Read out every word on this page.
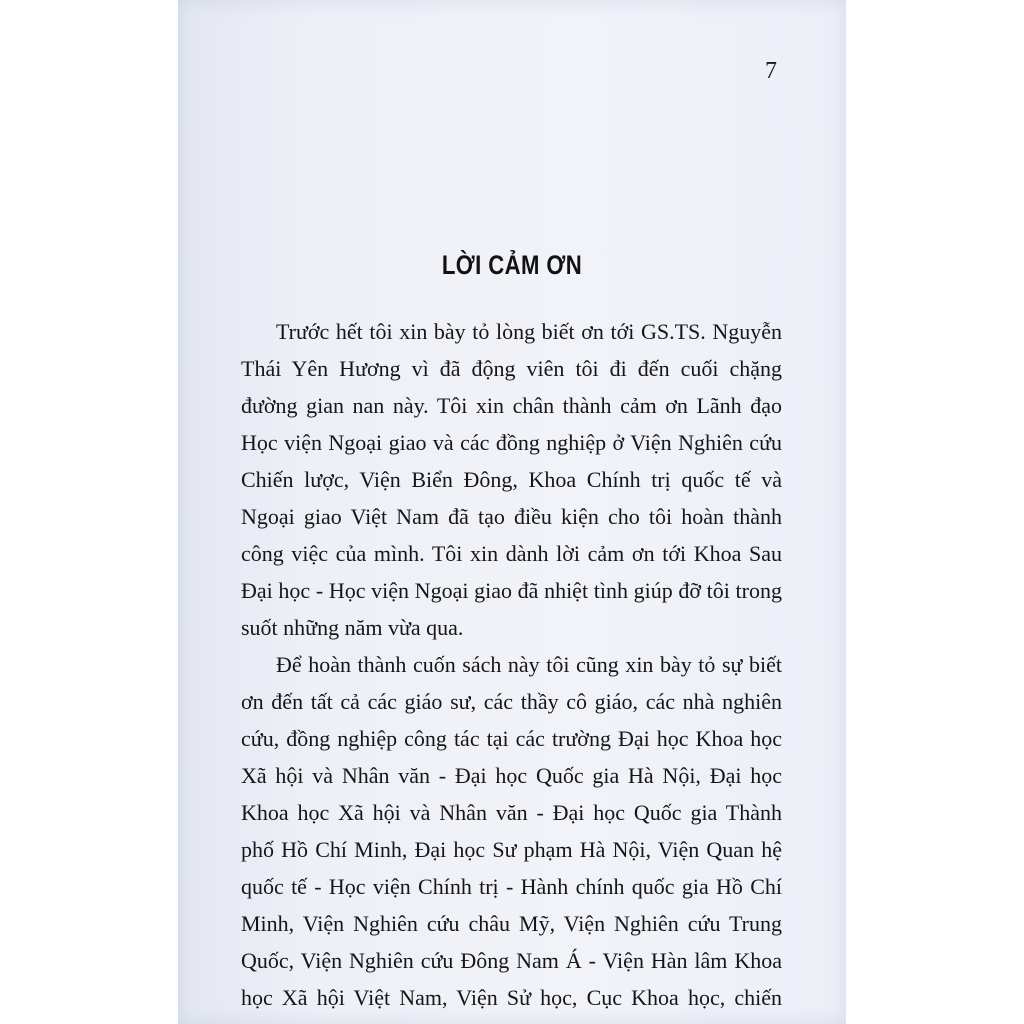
7
LỜI CẢM ƠN
Trước hết tôi xin bày tỏ lòng biết ơn tới GS.TS. Nguyễn
Thái Yên Hương vì đã động viên tôi đi đến cuối chặng
đường gian nan này. Tôi xin chân thành cảm ơn Lãnh đạo
Học viện Ngoại giao và các đồng nghiệp ở Viện Nghiên cứu
Chiến lược, Viện Biển Đông, Khoa Chính trị quốc tế và
Ngoại giao Việt Nam đã tạo điều kiện cho tôi hoàn thành
công việc của mình. Tôi xin dành lời cảm ơn tới Khoa Sau
Đại học - Học viện Ngoại giao đã nhiệt tình giúp đỡ tôi trong
suốt những năm vừa qua.
Để hoàn thành cuốn sách này tôi cũng xin bày tỏ sự biết
ơn đến tất cả các giáo sư, các thầy cô giáo, các nhà nghiên
cứu, đồng nghiệp công tác tại các trường Đại học Khoa học
Xã hội và Nhân văn - Đại học Quốc gia Hà Nội, Đại học
Khoa học Xã hội và Nhân văn - Đại học Quốc gia Thành
phố Hồ Chí Minh, Đại học Sư phạm Hà Nội, Viện Quan hệ
quốc tế - Học viện Chính trị - Hành chính quốc gia Hồ Chí
Minh, Viện Nghiên cứu châu Mỹ, Viện Nghiên cứu Trung
Quốc, Viện Nghiên cứu Đông Nam Á - Viện Hàn lâm Khoa
học Xã hội Việt Nam, Viện Sử học, Cục Khoa học, chiến
